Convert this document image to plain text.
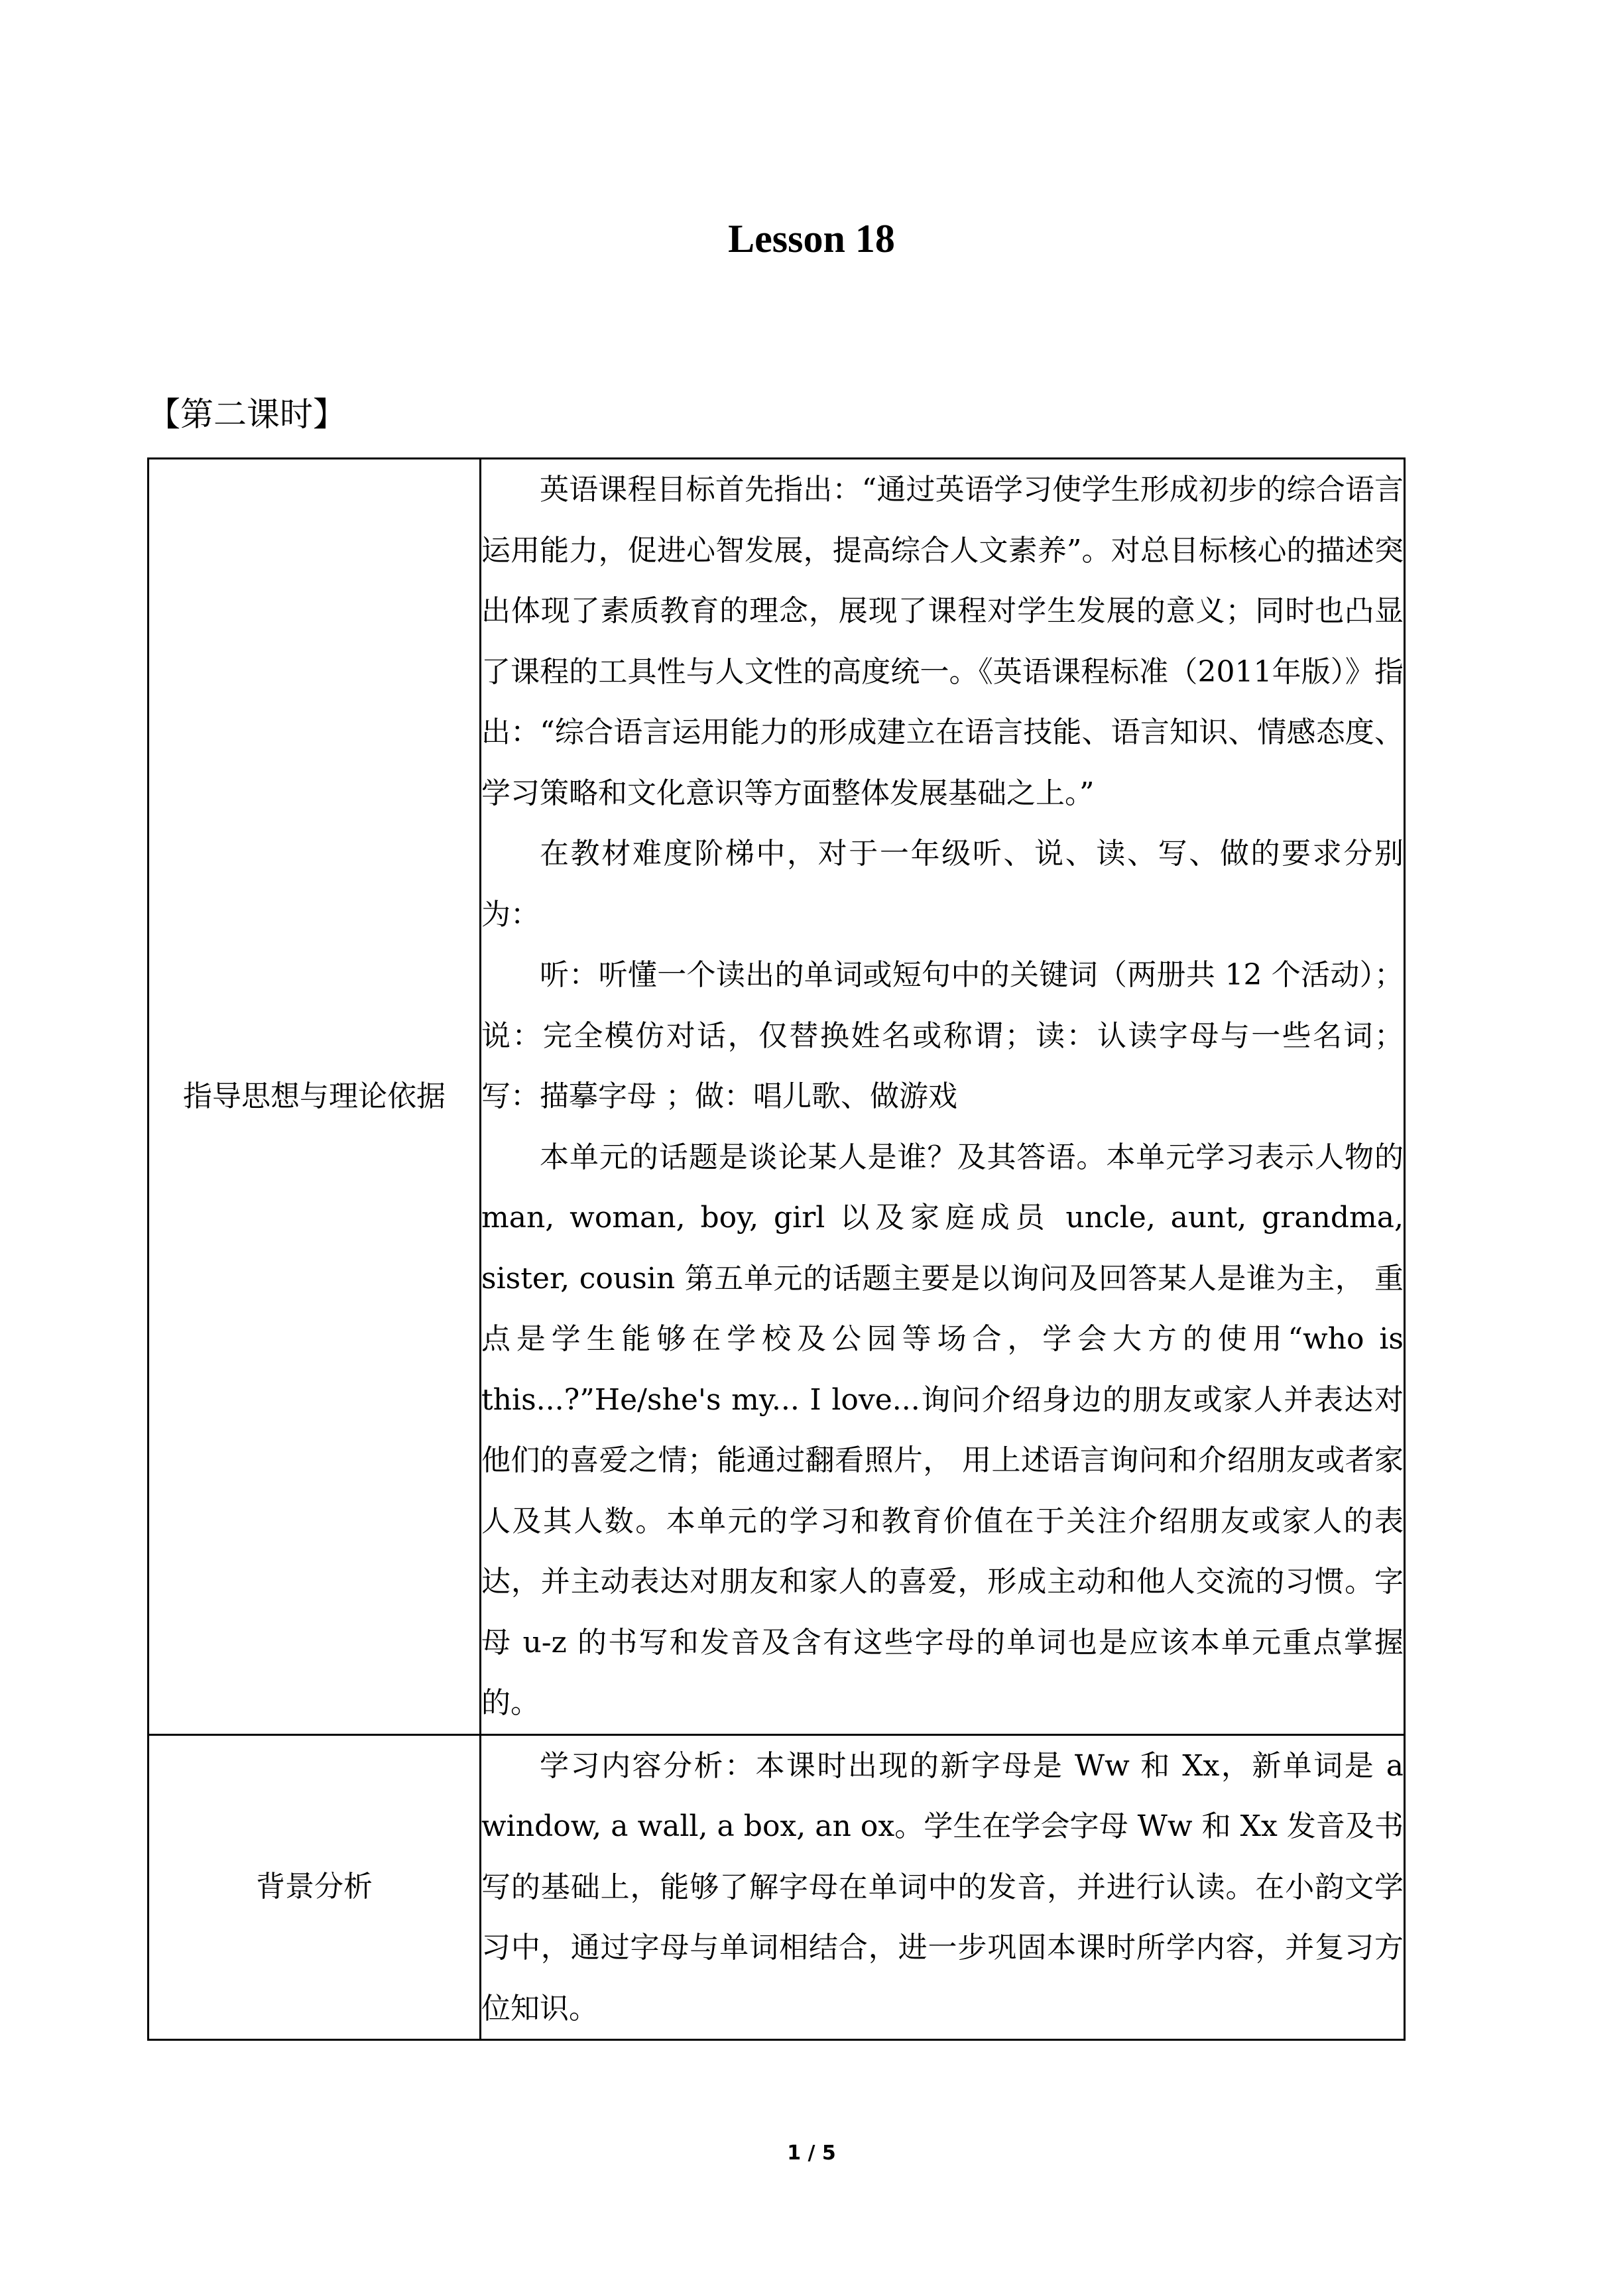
Lesson 18
【第二课时】
指导思想与理论依据	英语课程目标首先指出：“通过英语学习使学生形成初步的综合语言运用能力，促进心智发展，提高综合人文素养”。对总目标核心的描述突出体现了素质教育的理念，展现了课程对学生发展的意义；同时也凸显了课程的工具性与人文性的高度统一。《英语课程标准（2011年版）》指出：“综合语言运用能力的形成建立在语言技能、语言知识、情感态度、学习策略和文化意识等方面整体发展基础之上。”

在教材难度阶梯中，对于一年级听、说、读、写、做的要求分别为：

听：听懂一个读出的单词或短句中的关键词（两册共 12 个活动）；说：完全模仿对话，仅替换姓名或称谓；读：认读字母与一些名词；写：描摹字母 ；做：唱儿歌、做游戏

本单元的话题是谈论某人是谁？及其答语。本单元学习表示人物的 man, woman, boy, girl 以及家庭成员 uncle, aunt, grandma, sister, cousin 第五单元的话题主要是以询问及回答某人是谁为主， 重点是学生能够在学校及公园等场合，学会大方的使用“who is this...?”He/she's my... I love...询问介绍身边的朋友或家人并表达对他们的喜爱之情；能通过翻看照片， 用上述语言询问和介绍朋友或者家人及其人数。本单元的学习和教育价值在于关注介绍朋友或家人的表达，并主动表达对朋友和家人的喜爱，形成主动和他人交流的习惯。字母 u-z 的书写和发音及含有这些字母的单词也是应该本单元重点掌握的。

背景分析	学习内容分析：本课时出现的新字母是 Ww 和 Xx，新单词是 a window, a wall, a box, an ox。学生在学会字母 Ww 和 Xx 发音及书写的基础上，能够了解字母在单词中的发音，并进行认读。在小韵文学习中，通过字母与单词相结合，进一步巩固本课时所学内容，并复习方位知识。

1 / 5
